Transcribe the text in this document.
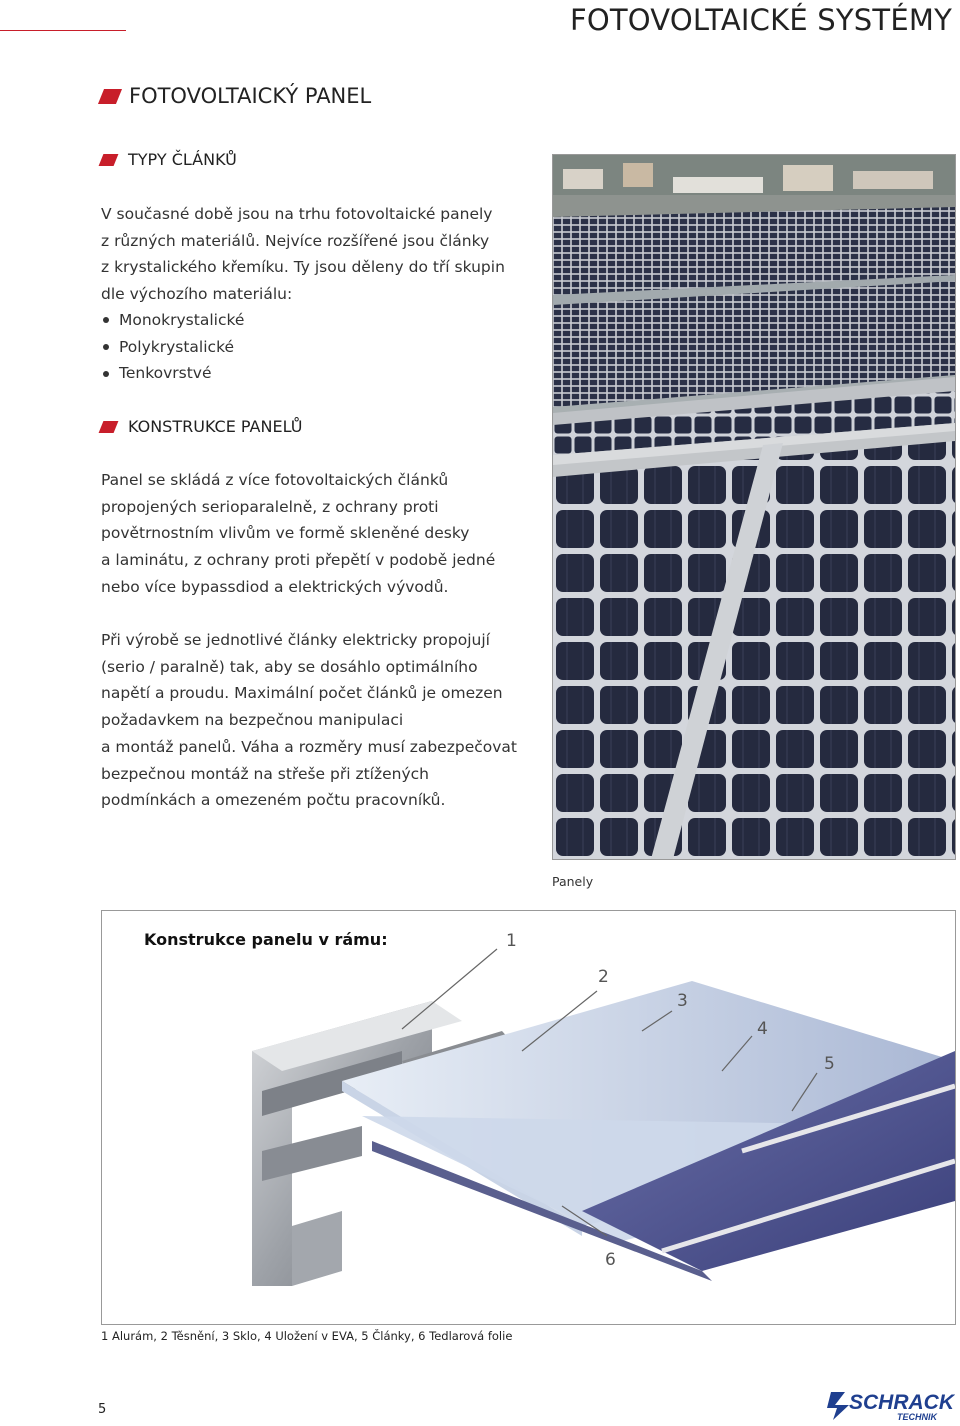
FOTOVOLTAICKÉ SYSTÉMY
FOTOVOLTAICKÝ PANEL
TYPY ČLÁNKŮ

V současné době jsou na trhu fotovoltaické panely

z různých materiálů. Nejvíce rozšířené jsou články

z krystalického křemíku. Ty jsou děleny do tří skupin

dle výchozího materiálu:

Monokrystalické
Polykrystalické
Tenkovrstvé
KONSTRUKCE PANELŮ

Panel se skládá z více fotovoltaických článků

propojených serioparalelně, z ochrany proti

povětrnostním vlivům ve formě skleněné desky

a laminátu, z ochrany proti přepětí v podobě jedné

nebo více bypassdiod a elektrických vývodů.

Při výrobě se jednotlivé články elektricky propojují

(serio / paralně) tak, aby se dosáhlo optimálního

napětí a proudu. Maximální počet článků je omezen

požadavkem na bezpečnou manipulaci

a montáž panelů. Váha a rozměry musí zabezpečovat

bezpečnou montáž na střeše při ztížených

podmínkách a omezeném počtu pracovníků.

Panely
1
2
3
4
5
6
Konstrukce panelu v rámu:
1 Alurám, 2 Těsnění, 3 Sklo, 4 Uložení v EVA, 5 Články, 6 Tedlarová folie
5	SCHRACK
TECHNIK
